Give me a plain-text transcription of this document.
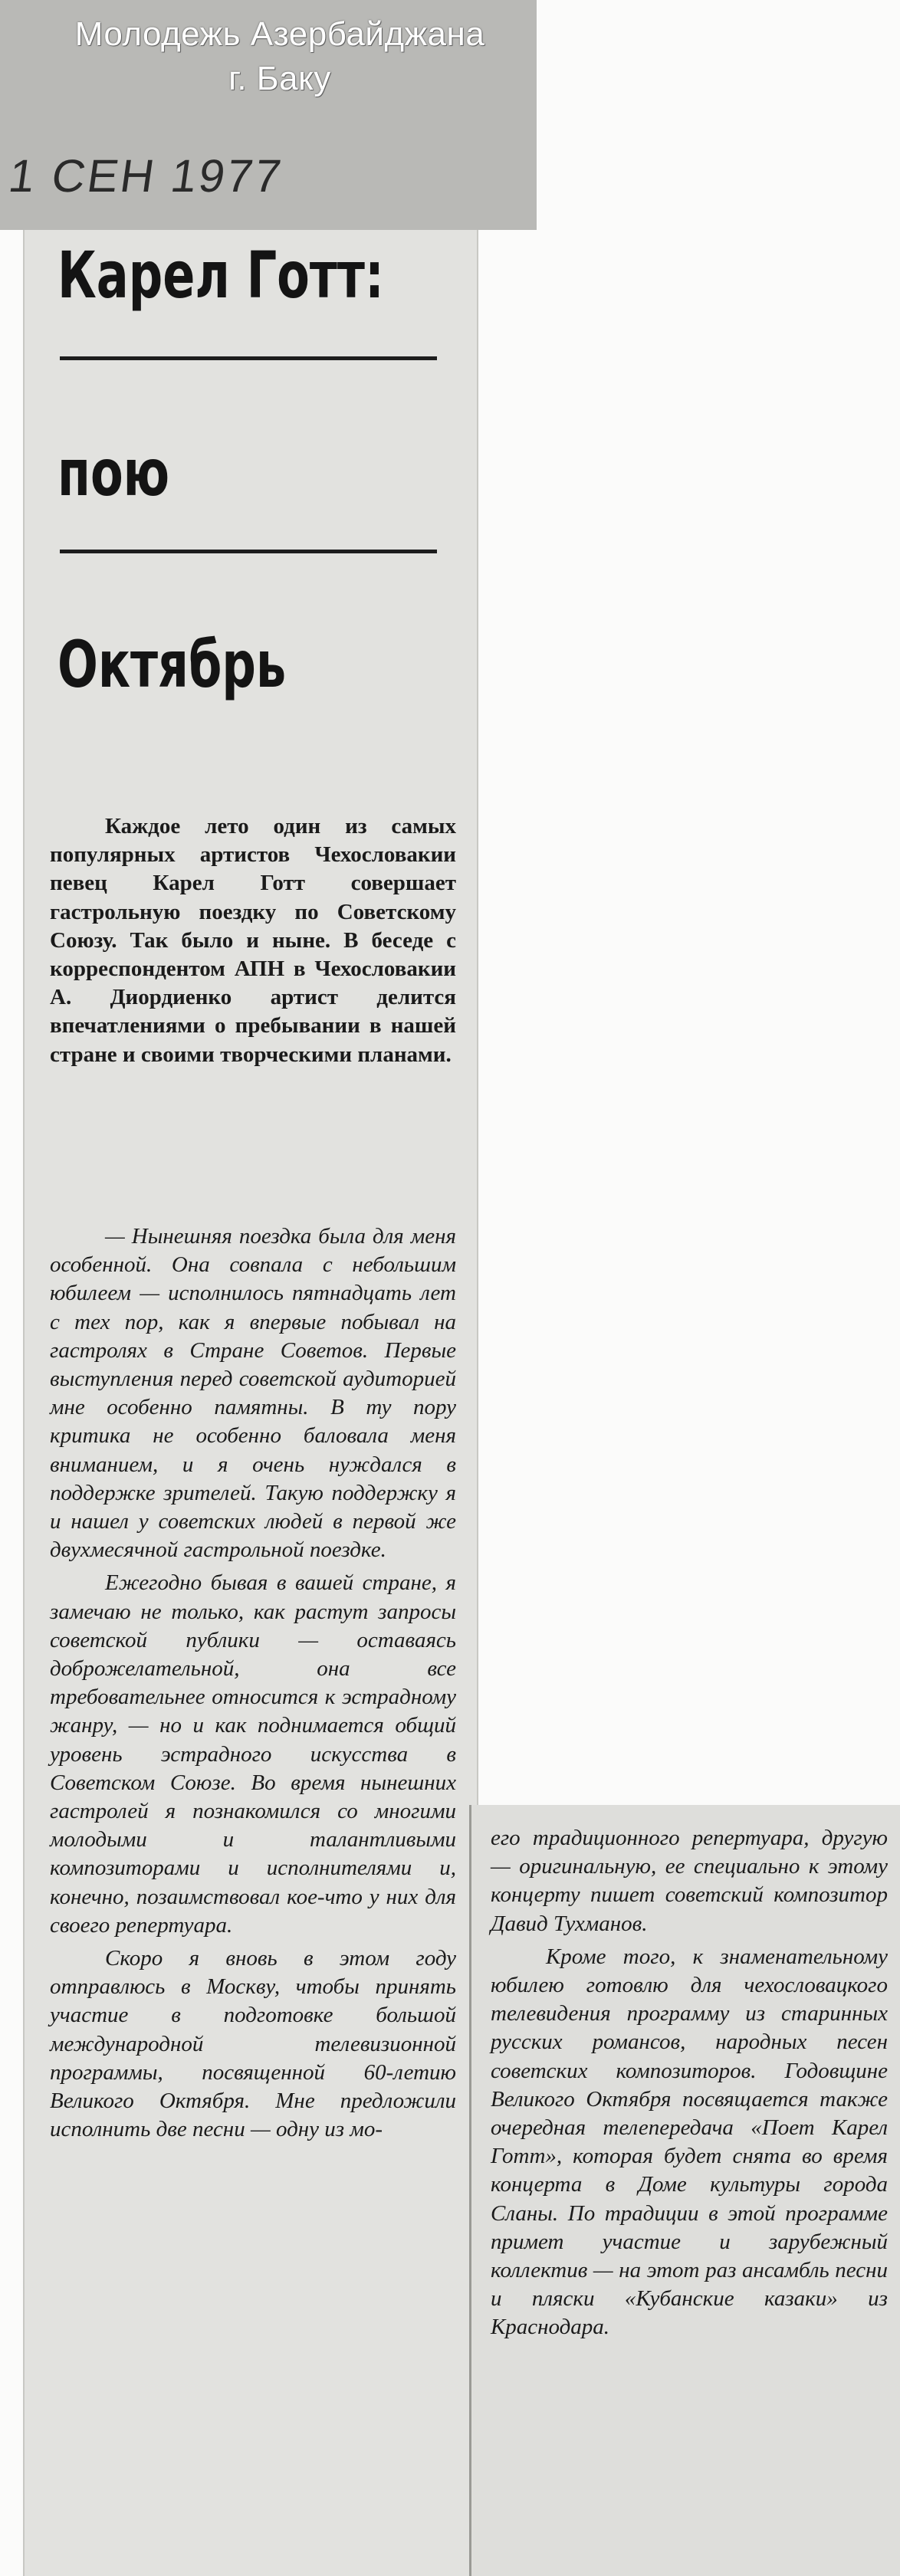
Молодежь Азербайджана
г. Баку
1 СЕН 1977
Карел Готт:
пою
Октябрь

Каждое лето один из самых популярных артистов Чехословакии певец Карел Готт совершает гастрольную поездку по Советскому Союзу. Так было и ныне. В беседе с корреспондентом АПН в Чехословакии А. Диордиенко артист делится впечатлениями о пребывании в нашей стране и своими творческими планами.

— Нынешняя поездка была для меня особенной. Она совпала с небольшим юбилеем — исполнилось пятнадцать лет с тех пор, как я впервые побывал на гастролях в Стране Советов. Первые выступления перед советской аудиторией мне особенно памятны. В ту пору критика не особенно баловала меня вниманием, и я очень нуждался в поддержке зрителей. Такую поддержку я и нашел у советских людей в первой же двухмесячной гастрольной поездке.

Ежегодно бывая в вашей стране, я замечаю не только, как растут запросы советской публики — оставаясь доброжелательной, она все требовательнее относится к эстрадному жанру, — но и как поднимается общий уровень эстрадного искусства в Советском Союзе. Во время нынешних гастролей я познакомился со многими молодыми и талантливыми композиторами и исполнителями и, конечно, позаимствовал кое-что у них для своего репертуара.

Скоро я вновь в этом году отправлюсь в Москву, чтобы принять участие в подготовке большой международной телевизионной программы, посвященной 60-летию Великого Октября. Мне предложили исполнить две песни — одну из мо-

его традиционного репертуара, другую — оригинальную, ее специально к этому концерту пишет советский композитор Давид Тухманов.

Кроме того, к знаменательному юбилею готовлю для чехословацкого телевидения программу из старинных русских романсов, народных песен советских композиторов. Годовщине Великого Октября посвящается также очередная телепередача «Поет Карел Готт», которая будет снята во время концерта в Доме культуры города Сланы. По традиции в этой программе примет участие и зарубежный коллектив — на этот раз ансамбль песни и пляски «Кубанские казаки» из Краснодара.
